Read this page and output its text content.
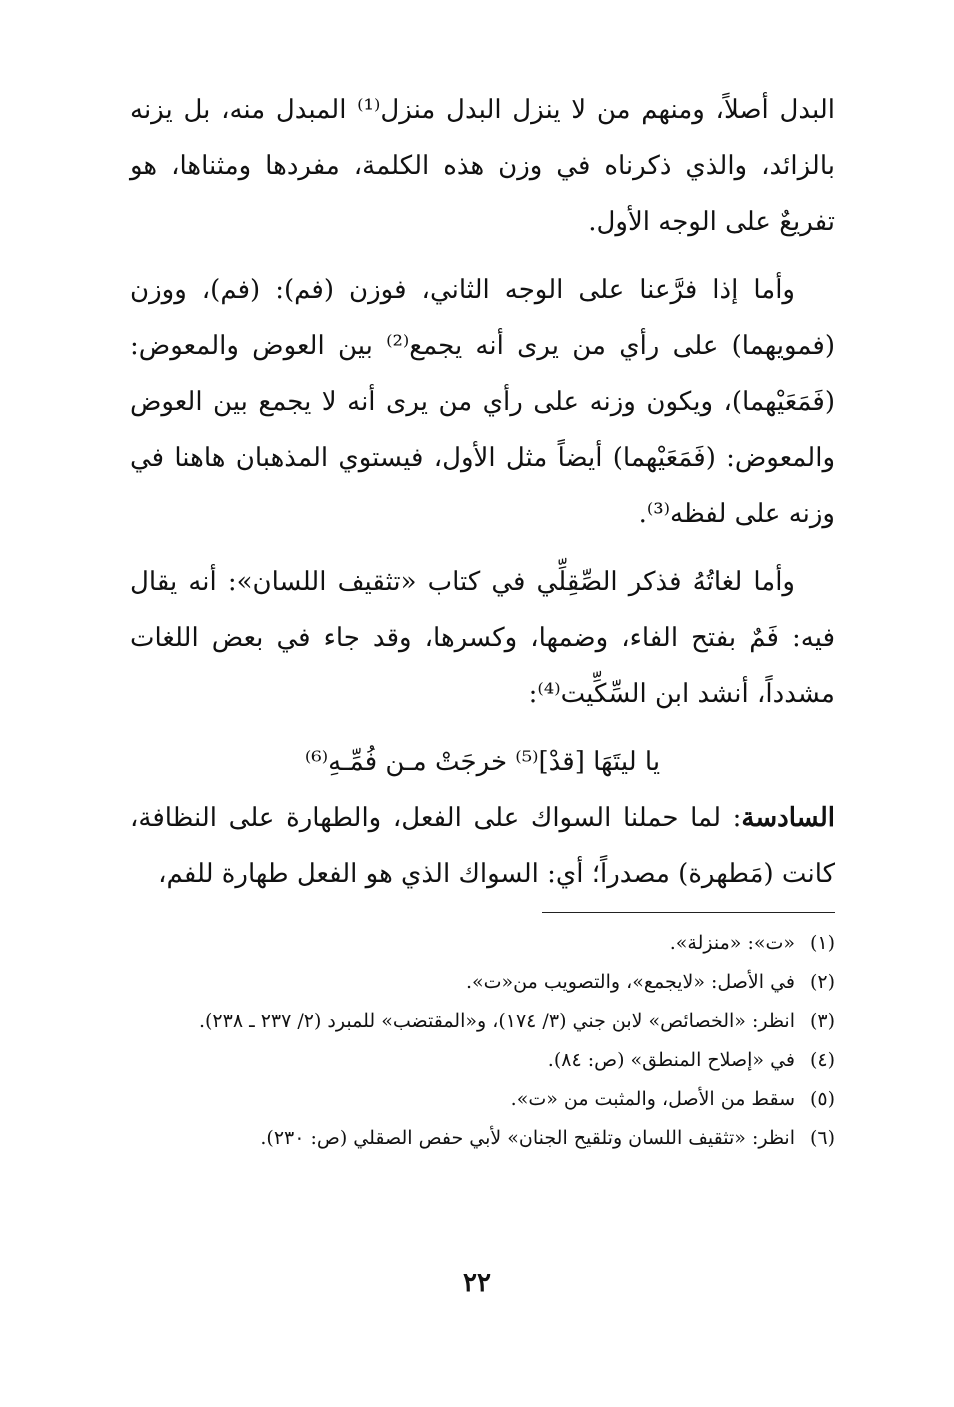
البدل أصلاً، ومنهم من لا ينزل البدل منزل⁽¹⁾ المبدل منه، بل يزنه بالزائد، والذي ذكرناه في وزن هذه الكلمة، مفردها ومثناها، هو تفريعٌ على الوجه الأول.

وأما إذا فرَّعنا على الوجه الثاني، فوزن (فم): (فم)، ووزن (فمويهما) على رأي من يرى أنه يجمع⁽²⁾ بين العوض والمعوض: (فَمَعَيْهما)، ويكون وزنه على رأي من يرى أنه لا يجمع بين العوض والمعوض: (فَمَعَيْهما) أيضاً مثل الأول، فيستوي المذهبان هاهنا في وزنه على لفظه⁽³⁾.

وأما لغاتُهُ فذكر الصِّقِلِّي في كتاب «تثقيف اللسان»: أنه يقال فيه: فَمٌ بفتح الفاء، وضمها، وكسرها، وقد جاء في بعض اللغات مشدداً، أنشد ابن السِّكِّيت⁽⁴⁾:

يا ليتَهَا [قدْ]⁽⁵⁾ خرجَتْ مـن فُمِّـهِ⁽⁶⁾

السادسة: لما حملنا السواك على الفعل، والطهارة على النظافة، كانت (مَطهرة) مصدراً؛ أي: السواك الذي هو الفعل طهارة للفم،

(١)
«ت»: «منزلة».
(٢)
في الأصل: «لايجمع»، والتصويب من«ت».
(٣)
انظر: «الخصائص» لابن جني (٣/ ١٧٤)، و«المقتضب» للمبرد (٢/ ٢٣٧ ـ ٢٣٨).
(٤)
في «إصلاح المنطق» (ص: ٨٤).
(٥)
سقط من الأصل، والمثبت من «ت».
(٦)
انظر: «تثقيف اللسان وتلقيح الجنان» لأبي حفص الصقلي (ص: ٢٣٠).
٢٢
